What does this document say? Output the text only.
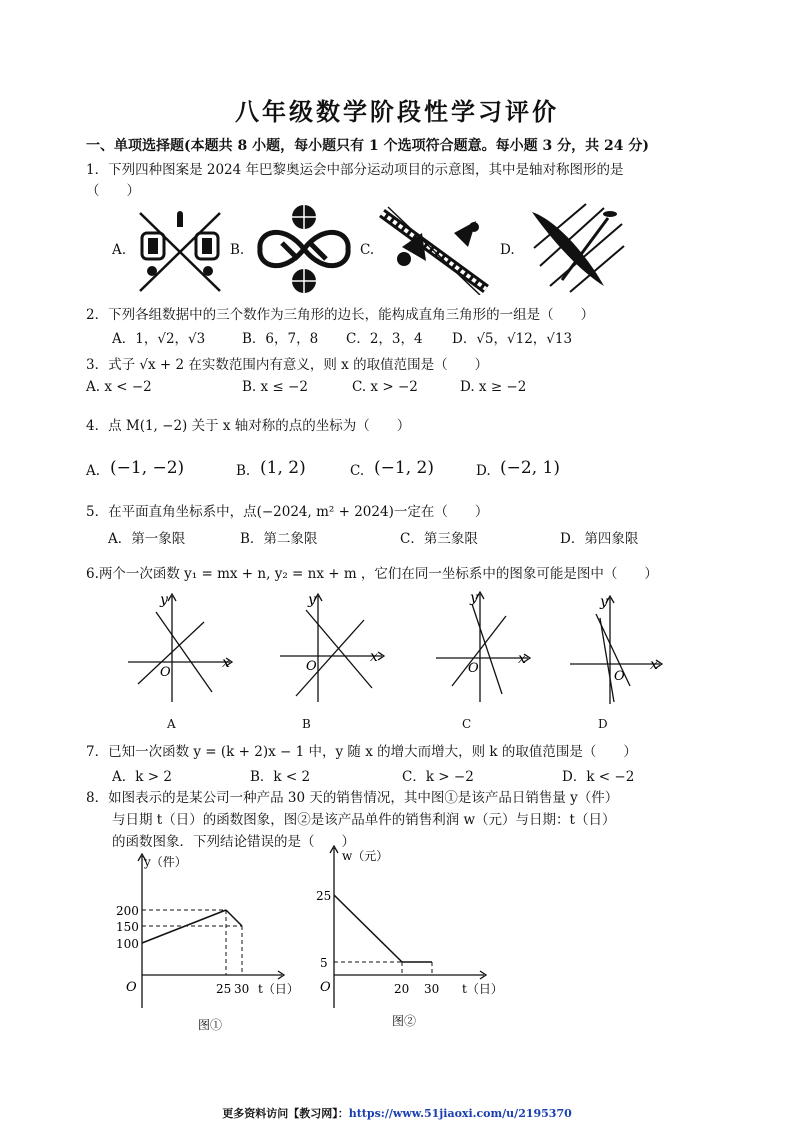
八年级数学阶段性学习评价
一、单项选择题(本题共 8 小题，每小题只有 1 个选项符合题意。每小题 3 分，共 24 分)
1．下列四种图案是 2024 年巴黎奥运会中部分运动项目的示意图，其中是轴对称图形的是
（　　）
A.	B.	C.	D.
2．下列各组数据中的三个数作为三角形的边长，能构成直角三角形的一组是（　　）
A．1，√2，√3	B．6，7，8 C．2，3，4 D．√5，√12，√13
3．式子 √x + 2 在实数范围内有意义，则 x 的取值范围是（　　）
A. x < −2	B. x ≤ −2	C. x > −2	D. x ≥ −2
4．点 M(1, −2) 关于 x 轴对称的点的坐标为（　　）
A. (−1, −2)	B. (1, 2)	C. (−1, 2)	D. (−2, 1)
5．在平面直角坐标系中，点(−2024, m² + 2024)一定在（　　）
A．第一象限	B．第二象限	C．第三象限	D．第四象限
6.两个一次函数 y₁ = mx + n, y₂ = nx + m ，它们在同一坐标系中的图象可能是图中（　　）
y
x
O
A
y
x
O
B
y
x
O
C
y
x
O
D
7．已知一次函数 y = (k + 2)x − 1 中，y 随 x 的增大而增大，则 k 的取值范围是（　　）
A．k > 2	B．k < 2	C．k > −2	D．k < −2
8．如图表示的是某公司一种产品 30 天的销售情况，其中图①是该产品日销售量 y（件）
与日期 t（日）的函数图象，图②是该产品单件的销售利润 w（元）与日期：t（日）
的函数图象．下列结论错误的是（　　）
y（件）
200
150
100
25 30
O	t（日）
图①
w（元）
25
5
20 30
O	t（日）
图②
更多资料访问【教习网】：https://www.51jiaoxi.com/u/2195370
